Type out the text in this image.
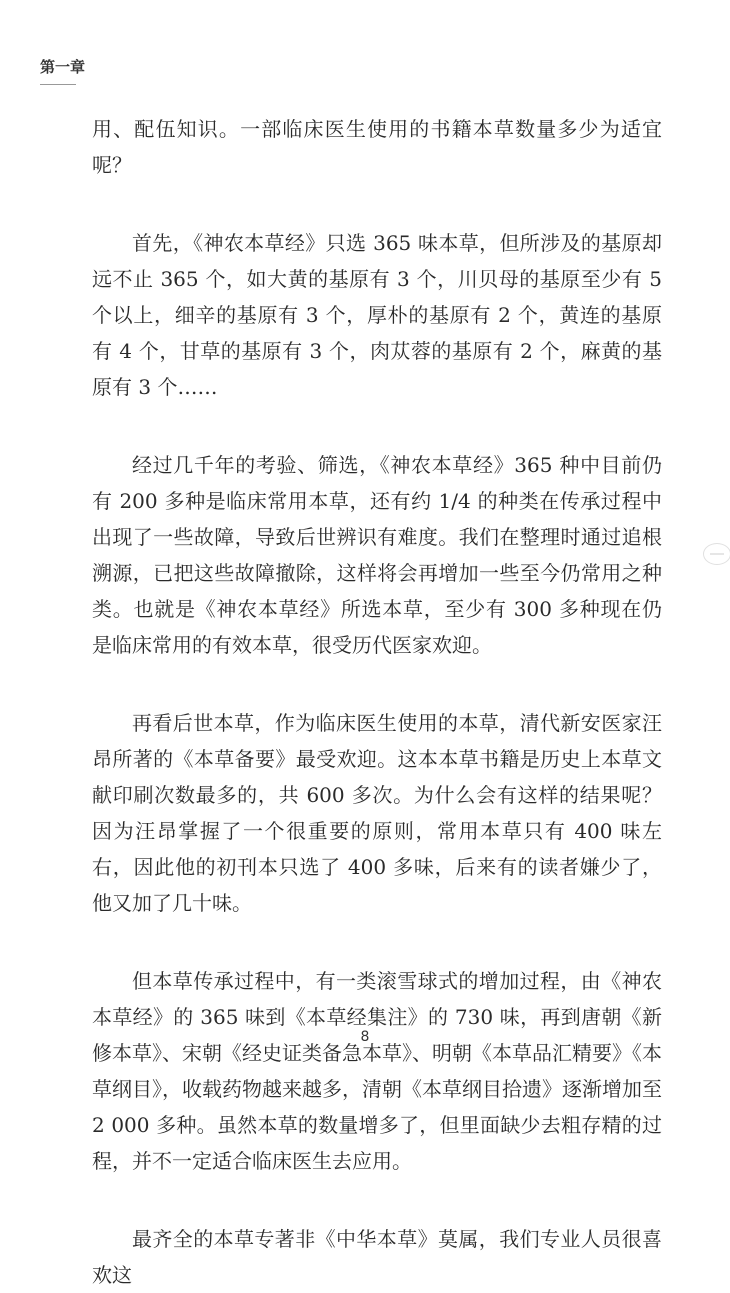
第一章

用、配伍知识。一部临床医生使用的书籍本草数量多少为适宜呢？

首先，《神农本草经》只选 365 味本草，但所涉及的基原却远不止 365 个，如大黄的基原有 3 个，川贝母的基原至少有 5 个以上，细辛的基原有 3 个，厚朴的基原有 2 个，黄连的基原有 4 个，甘草的基原有 3 个，肉苁蓉的基原有 2 个，麻黄的基原有 3 个……

经过几千年的考验、筛选，《神农本草经》365 种中目前仍有 200 多种是临床常用本草，还有约 1/4 的种类在传承过程中出现了一些故障，导致后世辨识有难度。我们在整理时通过追根溯源，已把这些故障撤除，这样将会再增加一些至今仍常用之种类。也就是《神农本草经》所选本草，至少有 300 多种现在仍是临床常用的有效本草，很受历代医家欢迎。

再看后世本草，作为临床医生使用的本草，清代新安医家汪昂所著的《本草备要》最受欢迎。这本本草书籍是历史上本草文献印刷次数最多的，共 600 多次。为什么会有这样的结果呢？因为汪昂掌握了一个很重要的原则，常用本草只有 400 味左右，因此他的初刊本只选了 400 多味，后来有的读者嫌少了，他又加了几十味。

但本草传承过程中，有一类滚雪球式的增加过程，由《神农本草经》的 365 味到《本草经集注》的 730 味，再到唐朝《新修本草》、宋朝《经史证类备急本草》、明朝《本草品汇精要》《本草纲目》，收载药物越来越多，清朝《本草纲目拾遗》逐渐增加至 2 000 多种。虽然本草的数量增多了，但里面缺少去粗存精的过程，并不一定适合临床医生去应用。

最齐全的本草专著非《中华本草》莫属，我们专业人员很喜欢这

8
